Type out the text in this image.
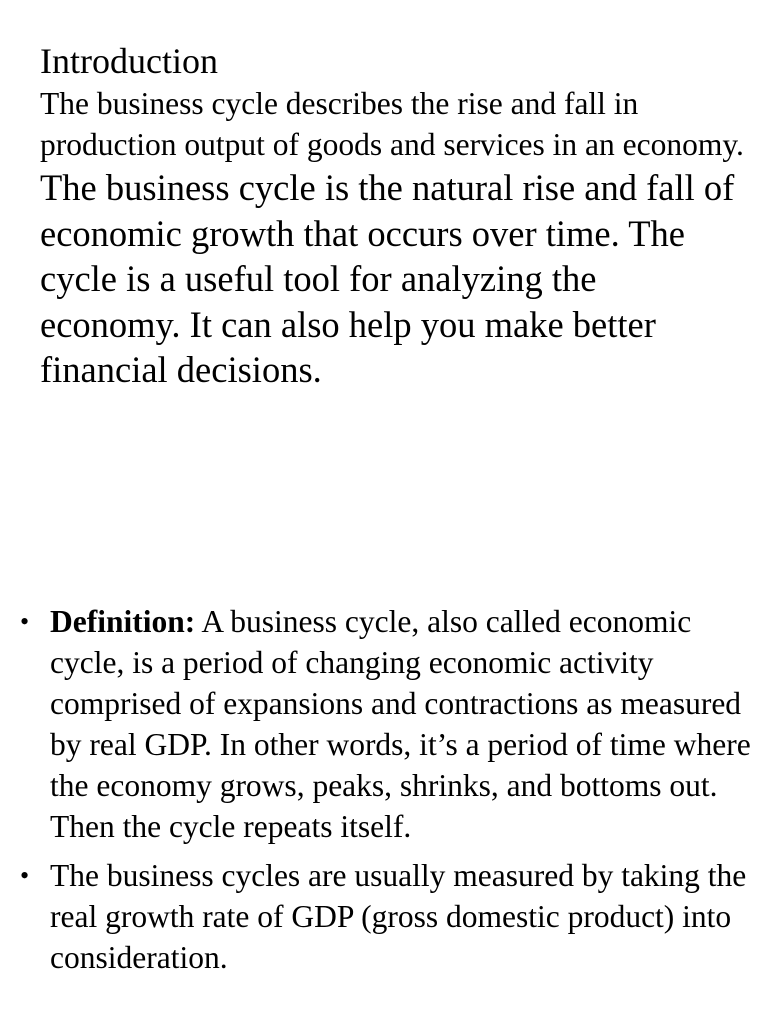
Introduction

The business cycle describes the rise and fall in production output of goods and services in an economy.

The business cycle is the natural rise and fall of economic growth that occurs over time. The cycle is a useful tool for analyzing the economy. It can also help you make better financial decisions.

• Definition: A business cycle, also called economic cycle, is a period of changing economic activity comprised of expansions and contractions as measured by real GDP. In other words, it’s a period of time where the economy grows, peaks, shrinks, and bottoms out. Then the cycle repeats itself.
• The business cycles are usually measured by taking the real growth rate of GDP (gross domestic product) into consideration.
